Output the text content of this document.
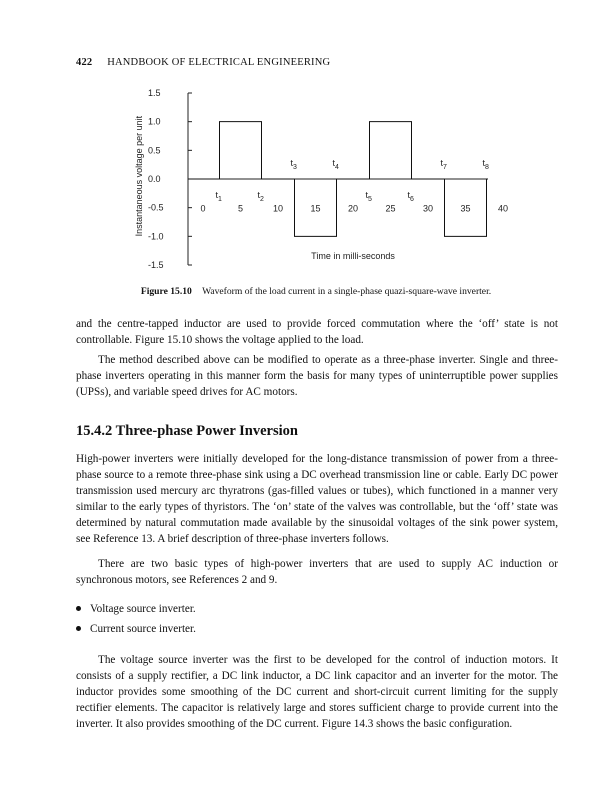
422 HANDBOOK OF ELECTRICAL ENGINEERING
1.5
1.0
0.5
0.0
-0.5
-1.0
-1.5
0	5	10	15	20	25	30	35	40
$t_1$	$t_2$
$t_3$	$t_4$
$t_5$	$t_6$
$t_7$	$t_8$
Time in milli-seconds
Instantaneous voltage per unit
Figure 15.10 Waveform of the load current in a single-phase quazi-square-wave inverter.

and the centre-tapped inductor are used to provide forced commutation where the ‘off’ state is not controllable. Figure 15.10 shows the voltage applied to the load.

The method described above can be modified to operate as a three-phase inverter. Single and three-phase inverters operating in this manner form the basis for many types of uninterruptible power supplies (UPSs), and variable speed drives for AC motors.

15.4.2 Three-phase Power Inversion

High-power inverters were initially developed for the long-distance transmission of power from a three-phase source to a remote three-phase sink using a DC overhead transmission line or cable. Early DC power transmission used mercury arc thyratrons (gas-filled values or tubes), which functioned in a manner very similar to the early types of thyristors. The ‘on’ state of the valves was controllable, but the ‘off’ state was determined by natural commutation made available by the sinusoidal voltages of the sink power system, see Reference 13. A brief description of three-phase inverters follows.

There are two basic types of high-power inverters that are used to supply AC induction or synchronous motors, see References 2 and 9.

Voltage source inverter.
Current source inverter.

The voltage source inverter was the first to be developed for the control of induction motors. It consists of a supply rectifier, a DC link inductor, a DC link capacitor and an inverter for the motor. The inductor provides some smoothing of the DC current and short-circuit current limiting for the supply rectifier elements. The capacitor is relatively large and stores sufficient charge to provide current into the inverter. It also provides smoothing of the DC current. Figure 14.3 shows the basic configuration.
